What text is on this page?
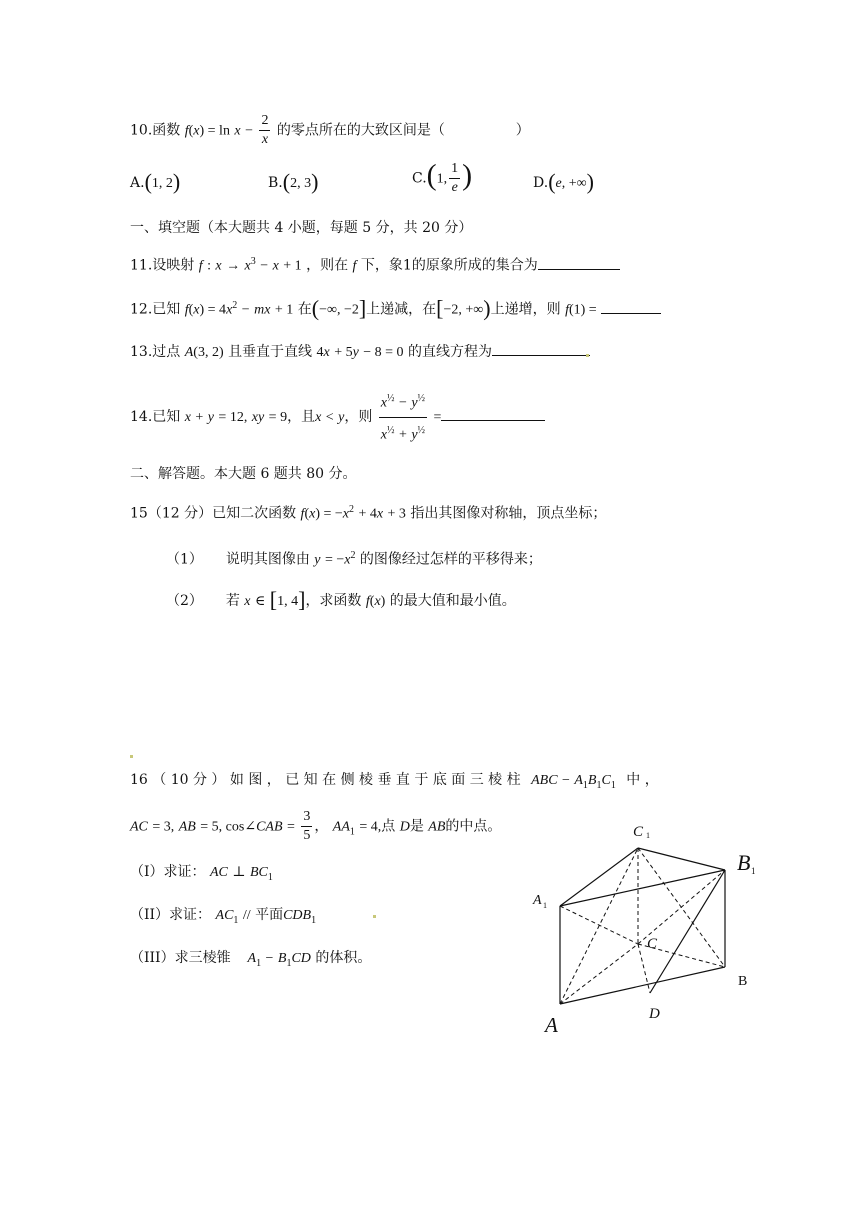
10.函数 $f(x) = \ln x - \frac{2}{x}$ 的零点所在的大致区间是（	）
A.(1, 2)	B.(2, 3)	C.(1, $\frac{1}{e}$ )	D.(e, +∞)
一、填空题（本大题共 4 小题，每题 5 分，共 20 分）
11.设映射 f : $x \to x^3 - x + 1$ ，则在 f 下，象1的原象所成的集合为
12.已知 $f(x) = 4x^2$ − mx + 1 在(−∞, −2]上递减，在[−2, +∞)上递增，则 f(1) =
13.过点 A(3, 2) 且垂直于直线 4x + 5y − 8 = 0 的直线方程为
14.已知 x + y = 12, xy = 9，且x < y，则 $\frac{x^{\frac{1}{2}} - y^{\frac{1}{2}}}{x^{\frac{1}{2}} + y^{\frac{1}{2}}}$ =
二、解答题。本大题 6 题共 80 分。
15（12 分）已知二次函数 $f(x) = -x^2 + 4x + 3$ 指出其图像对称轴，顶点坐标；
（1） 说明其图像由 $y = -x^2$ 的图像经过怎样的平移得来；
（2） 若 x ∈ [1, 4]，求函数 f(x) 的最大值和最小值。
16 （ 10 分 ） 如 图 ， 已 知 在 侧 棱 垂 直 于 底 面 三 棱 柱 ABC − $A_1B_1C_1$ 中 ，
AC = 3, AB = 5, cos∠CAB = $\frac{3}{5}$ ， $AA_1 = 4$,点 D是 AB的中点。
（I）求证： AC ⊥ $BC_1$
（II）求证： $AC_1$ // 平面$CDB_1$
（III）求三棱锥 $A_1 - B_1CD$ 的体积。
C 1
B 1
A 1
C
B
D
A
